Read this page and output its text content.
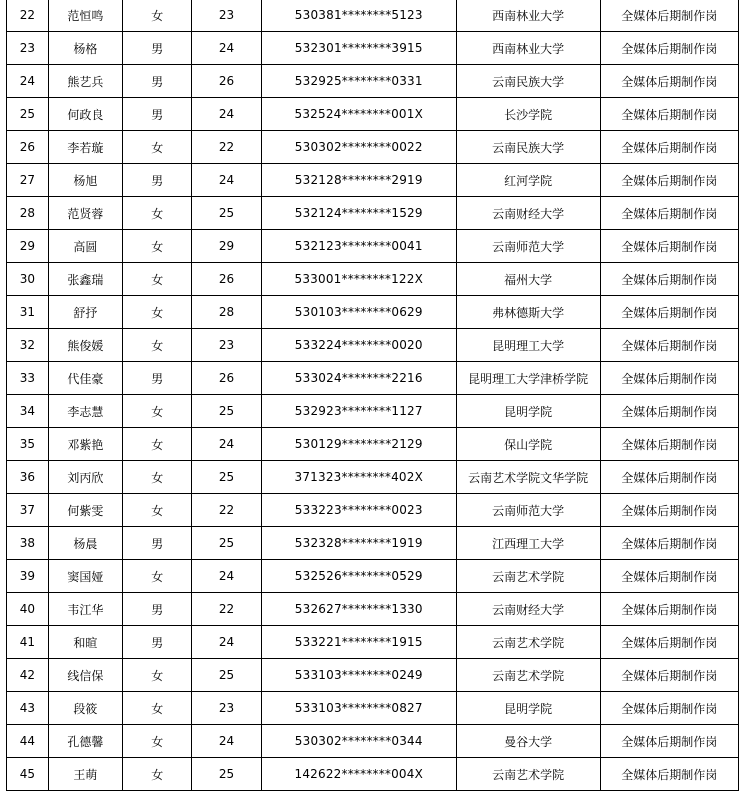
22	范恒鸣	女	23	530381********5123	西南林业大学	全媒体后期制作岗
23	杨格	男	24	532301********3915	西南林业大学	全媒体后期制作岗
24	熊艺兵	男	26	532925********0331	云南民族大学	全媒体后期制作岗
25	何政良	男	24	532524********001X	长沙学院	全媒体后期制作岗
26	李若璇	女	22	530302********0022	云南民族大学	全媒体后期制作岗
27	杨旭	男	24	532128********2919	红河学院	全媒体后期制作岗
28	范贤蓉	女	25	532124********1529	云南财经大学	全媒体后期制作岗
29	高圆	女	29	532123********0041	云南师范大学	全媒体后期制作岗
30	张鑫瑞	女	26	533001********122X	福州大学	全媒体后期制作岗
31	舒抒	女	28	530103********0629	弗林德斯大学	全媒体后期制作岗
32	熊俊媛	女	23	533224********0020	昆明理工大学	全媒体后期制作岗
33	代佳豪	男	26	533024********2216	昆明理工大学津桥学院	全媒体后期制作岗
34	李志慧	女	25	532923********1127	昆明学院	全媒体后期制作岗
35	邓紫艳	女	24	530129********2129	保山学院	全媒体后期制作岗
36	刘丙欣	女	25	371323********402X	云南艺术学院文华学院	全媒体后期制作岗
37	何紫雯	女	22	533223********0023	云南师范大学	全媒体后期制作岗
38	杨晨	男	25	532328********1919	江西理工大学	全媒体后期制作岗
39	窦国娅	女	24	532526********0529	云南艺术学院	全媒体后期制作岗
40	韦江华	男	22	532627********1330	云南财经大学	全媒体后期制作岗
41	和暄	男	24	533221********1915	云南艺术学院	全媒体后期制作岗
42	线信保	女	25	533103********0249	云南艺术学院	全媒体后期制作岗
43	段筱	女	23	533103********0827	昆明学院	全媒体后期制作岗
44	孔德馨	女	24	530302********0344	曼谷大学	全媒体后期制作岗
45	王萌	女	25	142622********004X	云南艺术学院	全媒体后期制作岗
